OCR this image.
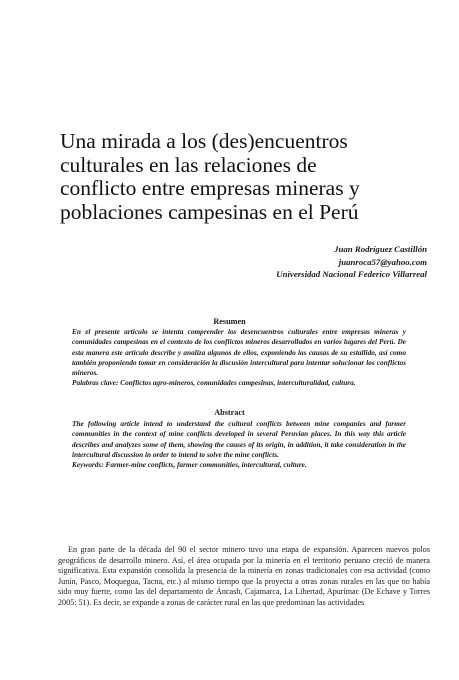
Una mirada a los (des)encuentros
culturales en las relaciones de
conflicto entre empresas mineras y
poblaciones campesinas en el Perú
Juan Rodríguez Castillón
juanroca57@yahoo.com
Universidad Nacional Federico Villarreal
Resumen

En el presente artículo se intenta comprender los desencuentros culturales entre empresas mineras y comunidades campesinas en el contexto de los conflictos mineros desarrollados en varios lugares del Perú. De esta manera este artículo describe y analiza algunos de ellos, exponiendo las causas de su estallido, así como también proponiendo tomar en consideración la discusión intercultural para intentar solucionar los conflictos mineros.
Palabras clave: Conflictos agro-mineros, comunidades campesinas, interculturalidad, cultura.

Abstract

The following article intend to understand the cultural conflicts between mine companies and farmer communities in the context of mine conflicts developed in several Peruvian places. In this way this article describes and analyzes some of them, showing the causes of its origin, in addition, it take consideration in the intercultural discussion in order to intend to solve the mine conflicts.
Keywords: Farmer-mine conflicts, farmer communities, intercultural, culture.

En gran parte de la década del 90 el sector minero tuvo una etapa de expansión. Aparecen nuevos polos geográficos de desarrollo minero. Así, el área ocupada por la minería en el territorio peruano creció de manera significativa. Esta expansión consolida la presencia de la minería en zonas tradicionales con esa actividad (como Junín, Pasco, Moquegua, Tacna, etc.) al mismo tiempo que la proyecta a otras zonas rurales en las que no había sido muy fuerte, como las del departamento de Áncash, Cajamarca, La Libertad, Apurímac (De Echave y Torres 2005: 51). Es decir, se expande a zonas de carácter rural en las que predominan las actividades
